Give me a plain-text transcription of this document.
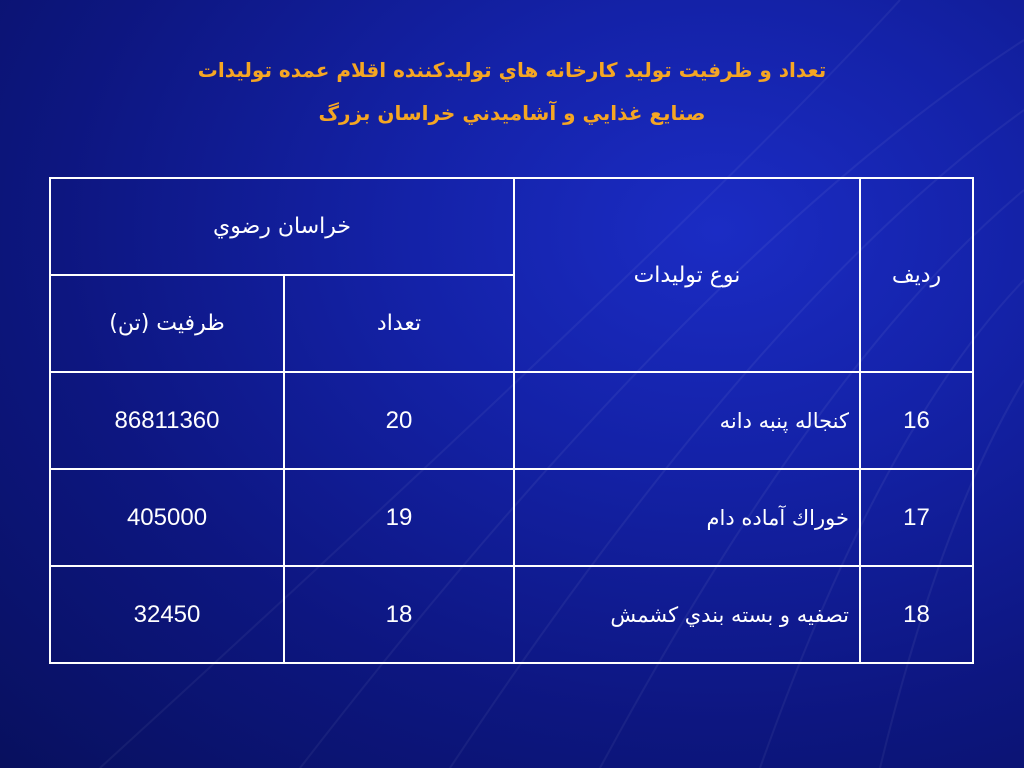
تعداد و ظرفيت توليد کارخانه هاي توليدکننده اقلام عمده توليدات
صنايع غذايي و آشاميدني خراسان بزرگ
رديف	نوع توليدات	خراسان رضوي	
		تعداد	ظرفيت (تن)
16	کنجاله پنبه دانه	20	86811360
17	خوراك آماده دام	19	405000
18	تصفيه و بسته بندي کشمش	18	32450
